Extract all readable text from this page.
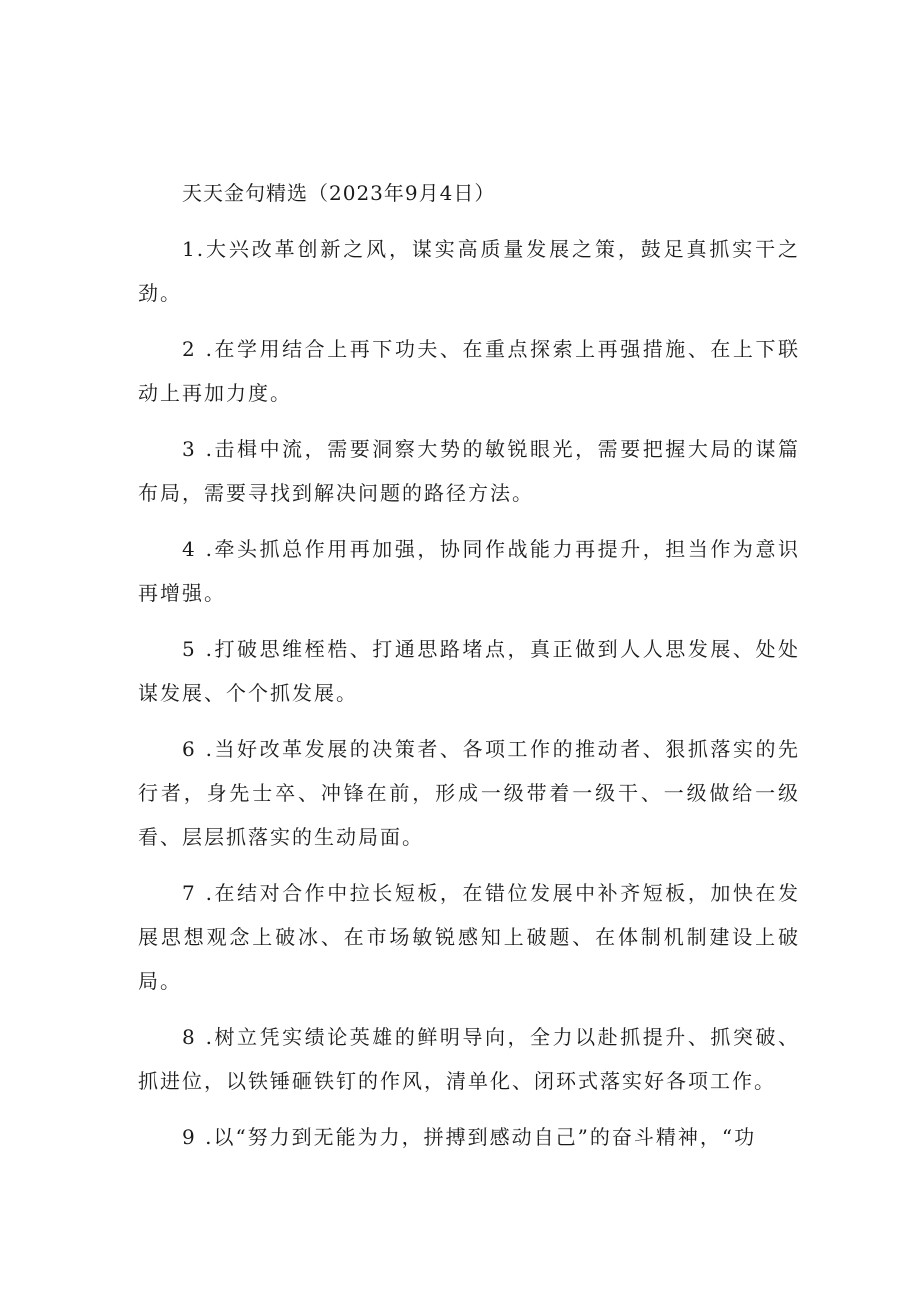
天天金句精选（2023年9月4日）

1.大兴改革创新之风，谋实高质量发展之策，鼓足真抓实干之劲。

2 .在学用结合上再下功夫、在重点探索上再强措施、在上下联动上再加力度。

3 .击楫中流，需要洞察大势的敏锐眼光，需要把握大局的谋篇布局，需要寻找到解决问题的路径方法。

4 .牵头抓总作用再加强，协同作战能力再提升，担当作为意识再增强。

5 .打破思维桎梏、打通思路堵点，真正做到人人思发展、处处谋发展、个个抓发展。

6 .当好改革发展的决策者、各项工作的推动者、狠抓落实的先行者，身先士卒、冲锋在前，形成一级带着一级干、一级做给一级看、层层抓落实的生动局面。

7 .在结对合作中拉长短板，在错位发展中补齐短板，加快在发展思想观念上破冰、在市场敏锐感知上破题、在体制机制建设上破局。

8 .树立凭实绩论英雄的鲜明导向，全力以赴抓提升、抓突破、抓进位，以铁锤砸铁钉的作风，清单化、闭环式落实好各项工作。

9 .以“努力到无能为力，拼搏到感动自己”的奋斗精神，“功
